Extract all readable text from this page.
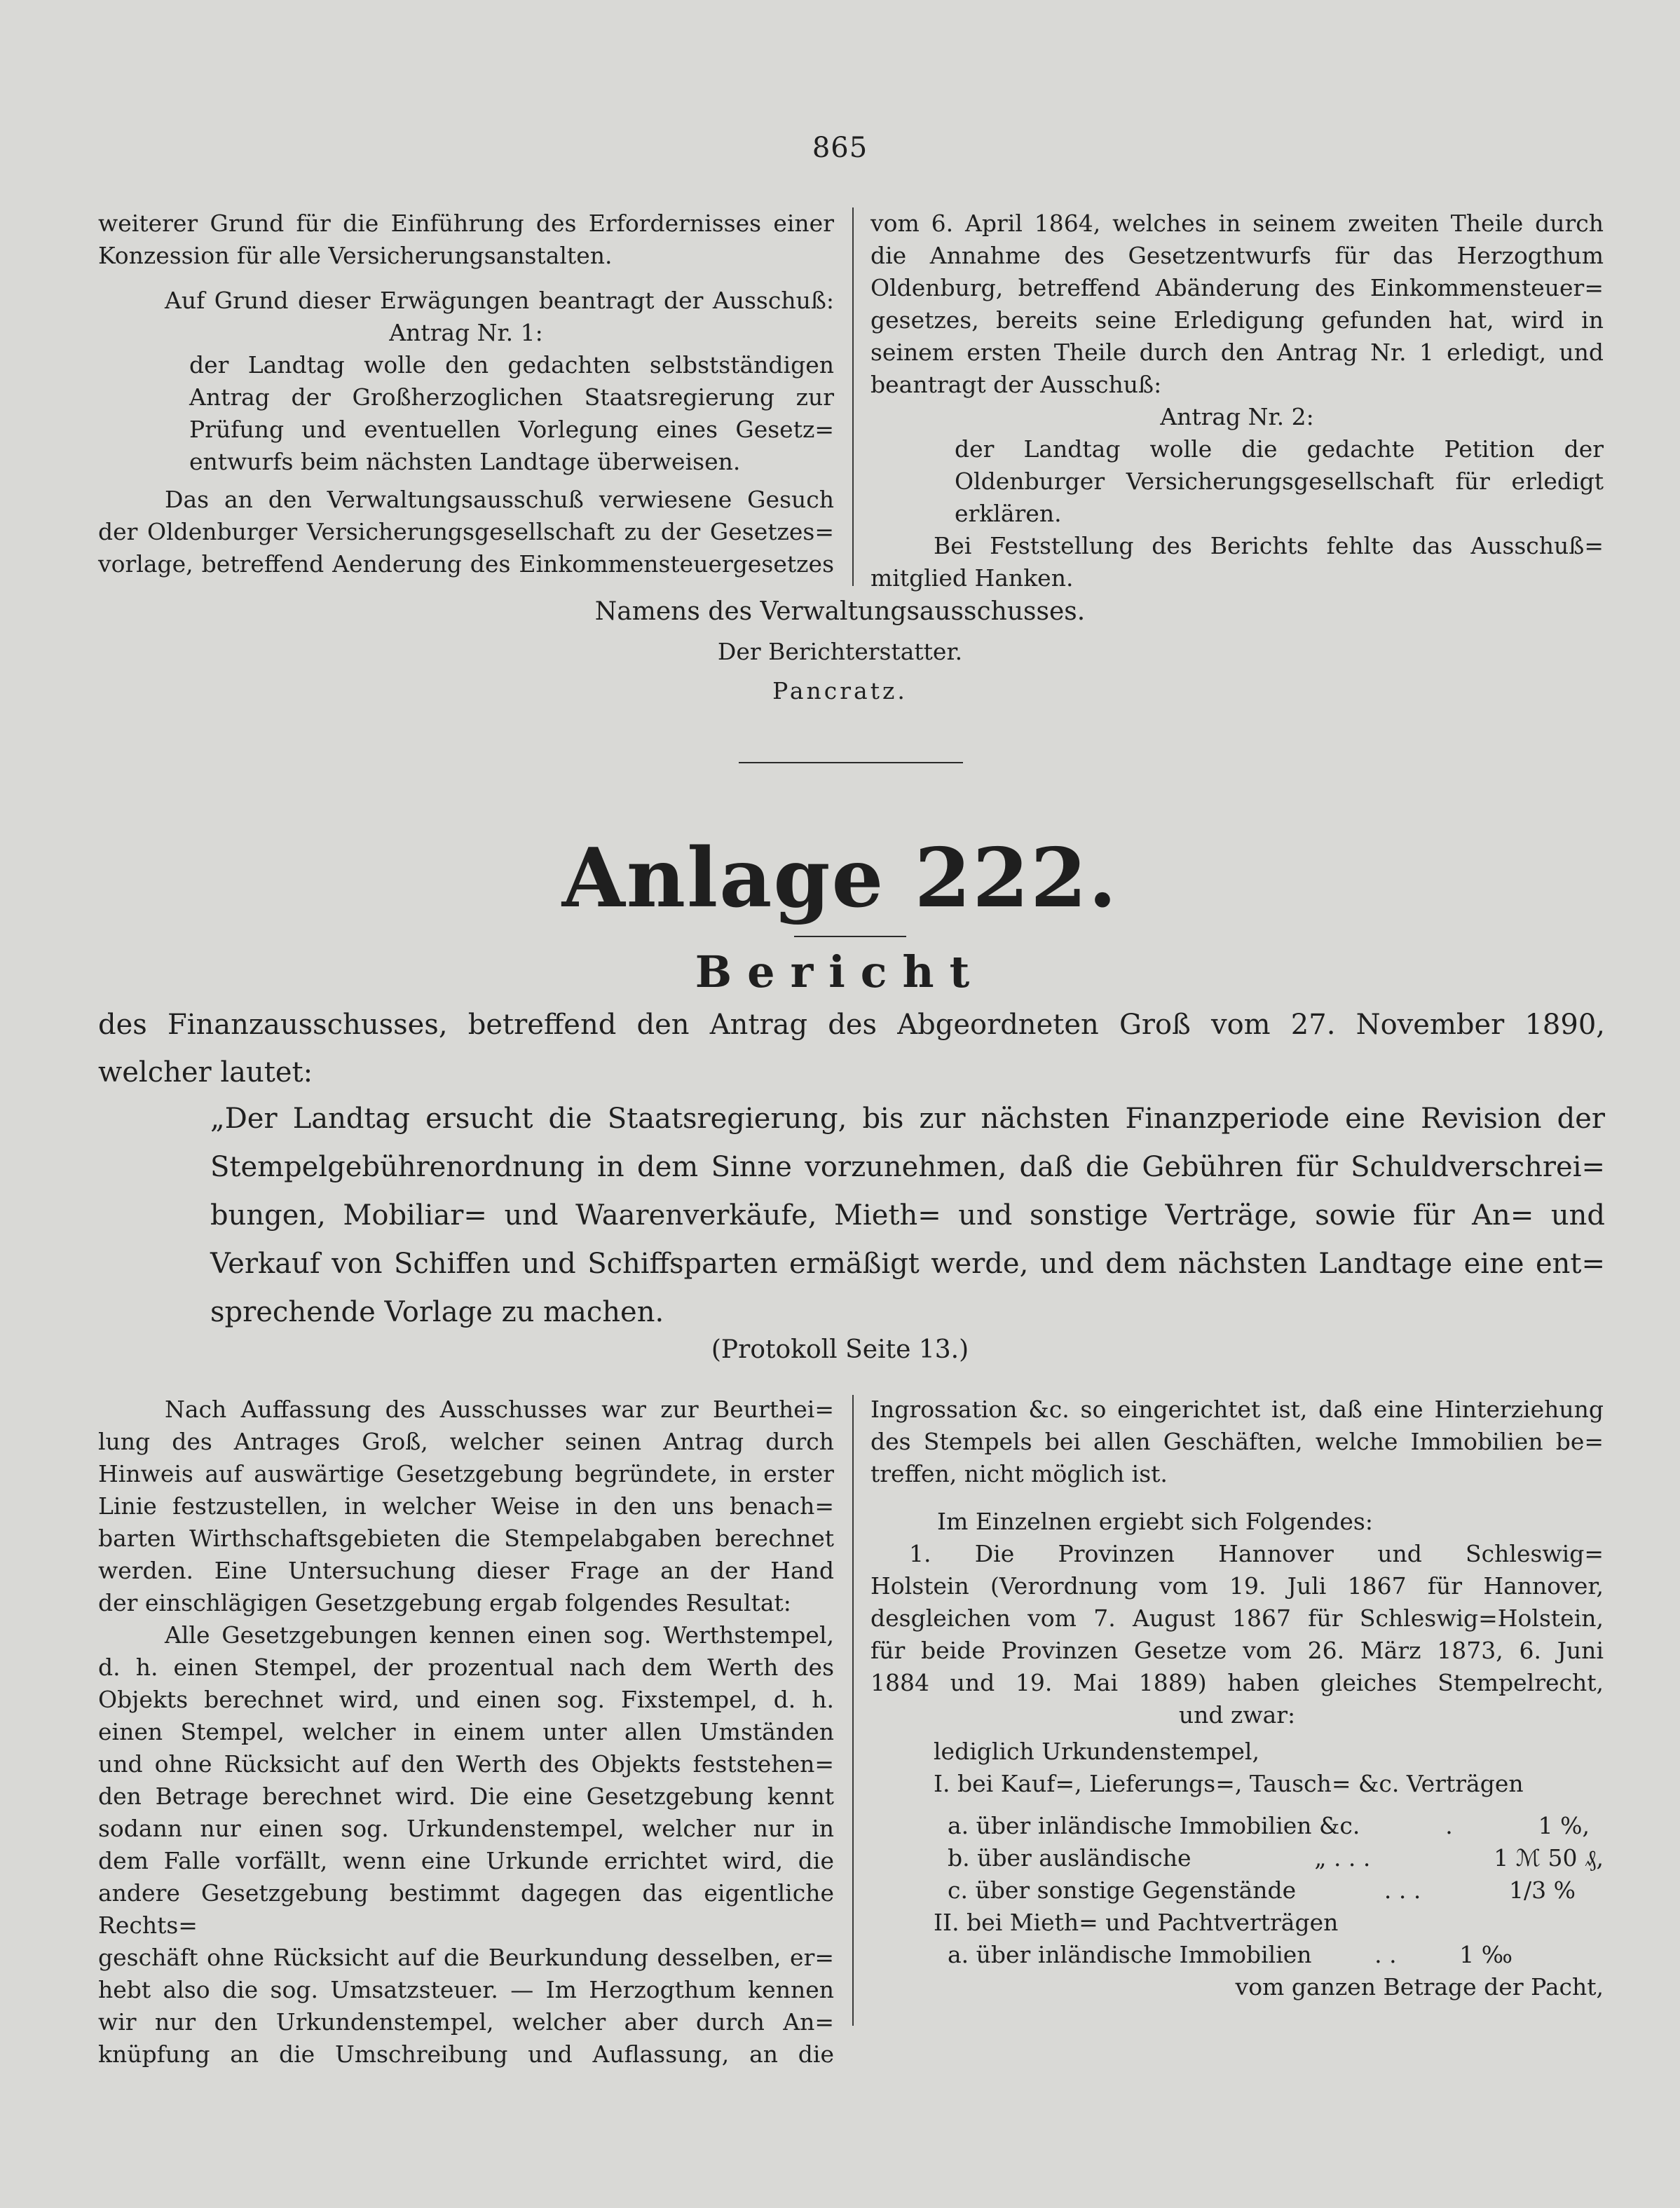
865

weiterer Grund für die Einführung des Erfordernisses einer

Konzession für alle Versicherungsanstalten.

Auf Grund dieser Erwägungen beantragt der Ausschuß:

Antrag Nr. 1:

der Landtag wolle den gedachten selbstständigen

Antrag der Großherzoglichen Staatsregierung zur

Prüfung und eventuellen Vorlegung eines Gesetz=

entwurfs beim nächsten Landtage überweisen.

Das an den Verwaltungsausschuß verwiesene Gesuch

der Oldenburger Versicherungsgesellschaft zu der Gesetzes=

vorlage, betreffend Aenderung des Einkommensteuergesetzes

vom 6. April 1864, welches in seinem zweiten Theile durch

die Annahme des Gesetzentwurfs für das Herzogthum

Oldenburg, betreffend Abänderung des Einkommensteuer=

gesetzes, bereits seine Erledigung gefunden hat, wird in

seinem ersten Theile durch den Antrag Nr. 1 erledigt, und

beantragt der Ausschuß:

Antrag Nr. 2:

der Landtag wolle die gedachte Petition der

Oldenburger Versicherungsgesellschaft für erledigt

erklären.

Bei Feststellung des Berichts fehlte das Ausschuß=

mitglied Hanken.

Namens des Verwaltungsausschusses.
Der Berichterstatter.
Pancratz.
Anlage 222.
Bericht

des Finanzausschusses, betreffend den Antrag des Abgeordneten Groß vom 27. November 1890,

welcher lautet:

„Der Landtag ersucht die Staatsregierung, bis zur nächsten Finanzperiode eine Revision der

Stempelgebührenordnung in dem Sinne vorzunehmen, daß die Gebühren für Schuldverschrei=

bungen, Mobiliar= und Waarenverkäufe, Mieth= und sonstige Verträge, sowie für An= und

Verkauf von Schiffen und Schiffsparten ermäßigt werde, und dem nächsten Landtage eine ent=

sprechende Vorlage zu machen.

(Protokoll Seite 13.)

Nach Auffassung des Ausschusses war zur Beurthei=

lung des Antrages Groß, welcher seinen Antrag durch

Hinweis auf auswärtige Gesetzgebung begründete, in erster

Linie festzustellen, in welcher Weise in den uns benach=

barten Wirthschaftsgebieten die Stempelabgaben berechnet

werden. Eine Untersuchung dieser Frage an der Hand

der einschlägigen Gesetzgebung ergab folgendes Resultat:

Alle Gesetzgebungen kennen einen sog. Werthstempel,

d. h. einen Stempel, der prozentual nach dem Werth des

Objekts berechnet wird, und einen sog. Fixstempel, d. h.

einen Stempel, welcher in einem unter allen Umständen

und ohne Rücksicht auf den Werth des Objekts feststehen=

den Betrage berechnet wird. Die eine Gesetzgebung kennt

sodann nur einen sog. Urkundenstempel, welcher nur in

dem Falle vorfällt, wenn eine Urkunde errichtet wird, die

andere Gesetzgebung bestimmt dagegen das eigentliche Rechts=

geschäft ohne Rücksicht auf die Beurkundung desselben, er=

hebt also die sog. Umsatzsteuer. — Im Herzogthum kennen

wir nur den Urkundenstempel, welcher aber durch An=

knüpfung an die Umschreibung und Auflassung, an die

Ingrossation &c. so eingerichtet ist, daß eine Hinterziehung

des Stempels bei allen Geschäften, welche Immobilien be=

treffen, nicht möglich ist.

Im Einzelnen ergiebt sich Folgendes:

1. Die Provinzen Hannover und Schleswig=

Holstein (Verordnung vom 19. Juli 1867 für Hannover,

desgleichen vom 7. August 1867 für Schleswig=Holstein,

für beide Provinzen Gesetze vom 26. März 1873, 6. Juni

1884 und 19. Mai 1889) haben gleiches Stempelrecht,

und zwar:

lediglich Urkundenstempel,

I. bei Kauf=, Lieferungs=, Tausch= &c. Verträgen

a. über inländische Immobilien &c.	.	1 %,
b. über ausländische	„ . . .	1 ℳ 50 ₰,
c. über sonstige Gegenstände	. . .	1/3 %

II. bei Mieth= und Pachtverträgen

a. über inländische Immobilien	. .	1 ‰

vom ganzen Betrage der Pacht,
